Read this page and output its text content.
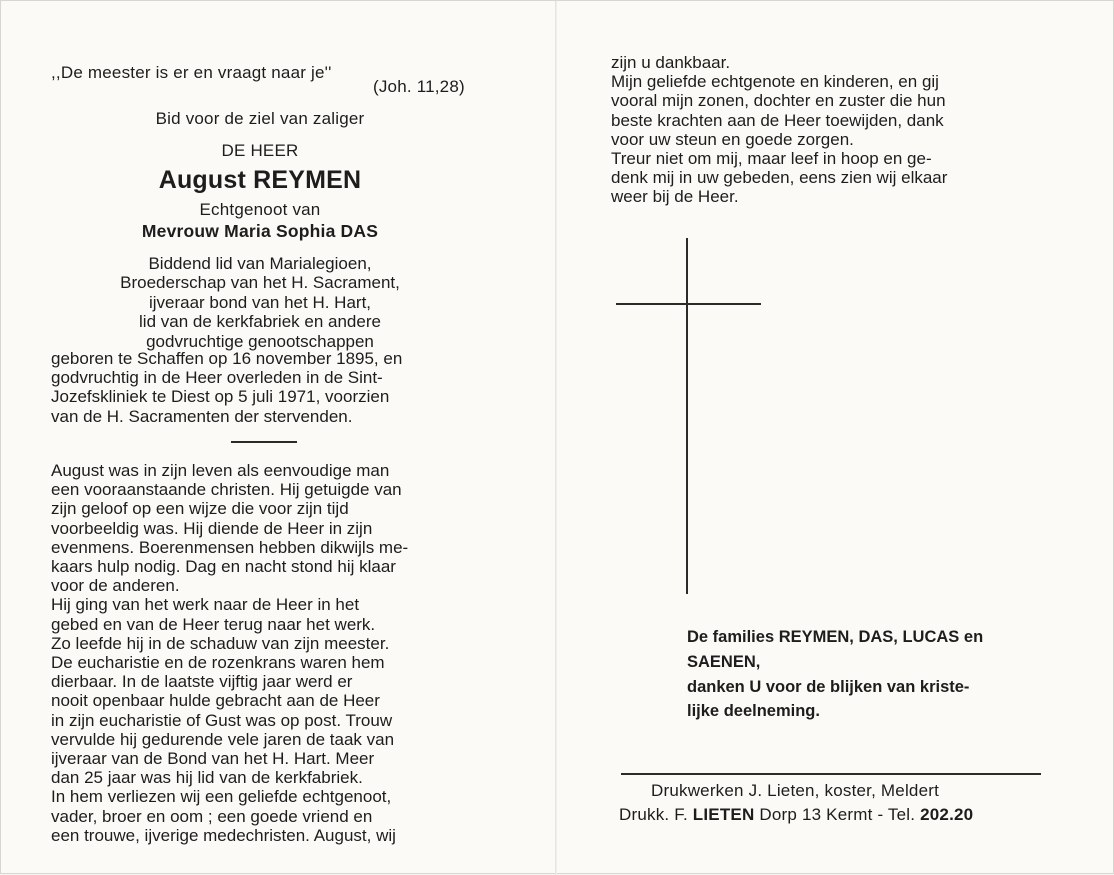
,,De meester is er en vraagt naar je''
(Joh. 11,28)
Bid voor de ziel van zaliger
DE HEER
August REYMEN
Echtgenoot van
Mevrouw Maria Sophia DAS
Biddend lid van Marialegioen,
Broederschap van het H. Sacrament,
ijveraar bond van het H. Hart,
lid van de kerkfabriek en andere
godvruchtige genootschappen
geboren te Schaffen op 16 november 1895, en
godvruchtig in de Heer overleden in de Sint-
Jozefskliniek te Diest op 5 juli 1971, voorzien
van de H. Sacramenten der stervenden.
August was in zijn leven als eenvoudige man
een vooraanstaande christen. Hij getuigde van
zijn geloof op een wijze die voor zijn tijd
voorbeeldig was. Hij diende de Heer in zijn
evenmens. Boerenmensen hebben dikwijls me-
kaars hulp nodig. Dag en nacht stond hij klaar
voor de anderen.
Hij ging van het werk naar de Heer in het
gebed en van de Heer terug naar het werk.
Zo leefde hij in de schaduw van zijn meester.
De eucharistie en de rozenkrans waren hem
dierbaar. In de laatste vijftig jaar werd er
nooit openbaar hulde gebracht aan de Heer
in zijn eucharistie of Gust was op post. Trouw
vervulde hij gedurende vele jaren de taak van
ijveraar van de Bond van het H. Hart. Meer
dan 25 jaar was hij lid van de kerkfabriek.
In hem verliezen wij een geliefde echtgenoot,
vader, broer en oom ; een goede vriend en
een trouwe, ijverige medechristen. August, wij
zijn u dankbaar.
Mijn geliefde echtgenote en kinderen, en gij
vooral mijn zonen, dochter en zuster die hun
beste krachten aan de Heer toewijden, dank
voor uw steun en goede zorgen.
Treur niet om mij, maar leef in hoop en ge-
denk mij in uw gebeden, eens zien wij elkaar
weer bij de Heer.
De families REYMEN, DAS, LUCAS en
SAENEN,
danken U voor de blijken van kriste-
lijke deelneming.
Drukwerken J. Lieten, koster, Meldert
Drukk. F. LIETEN Dorp 13 Kermt - Tel. 202.20
